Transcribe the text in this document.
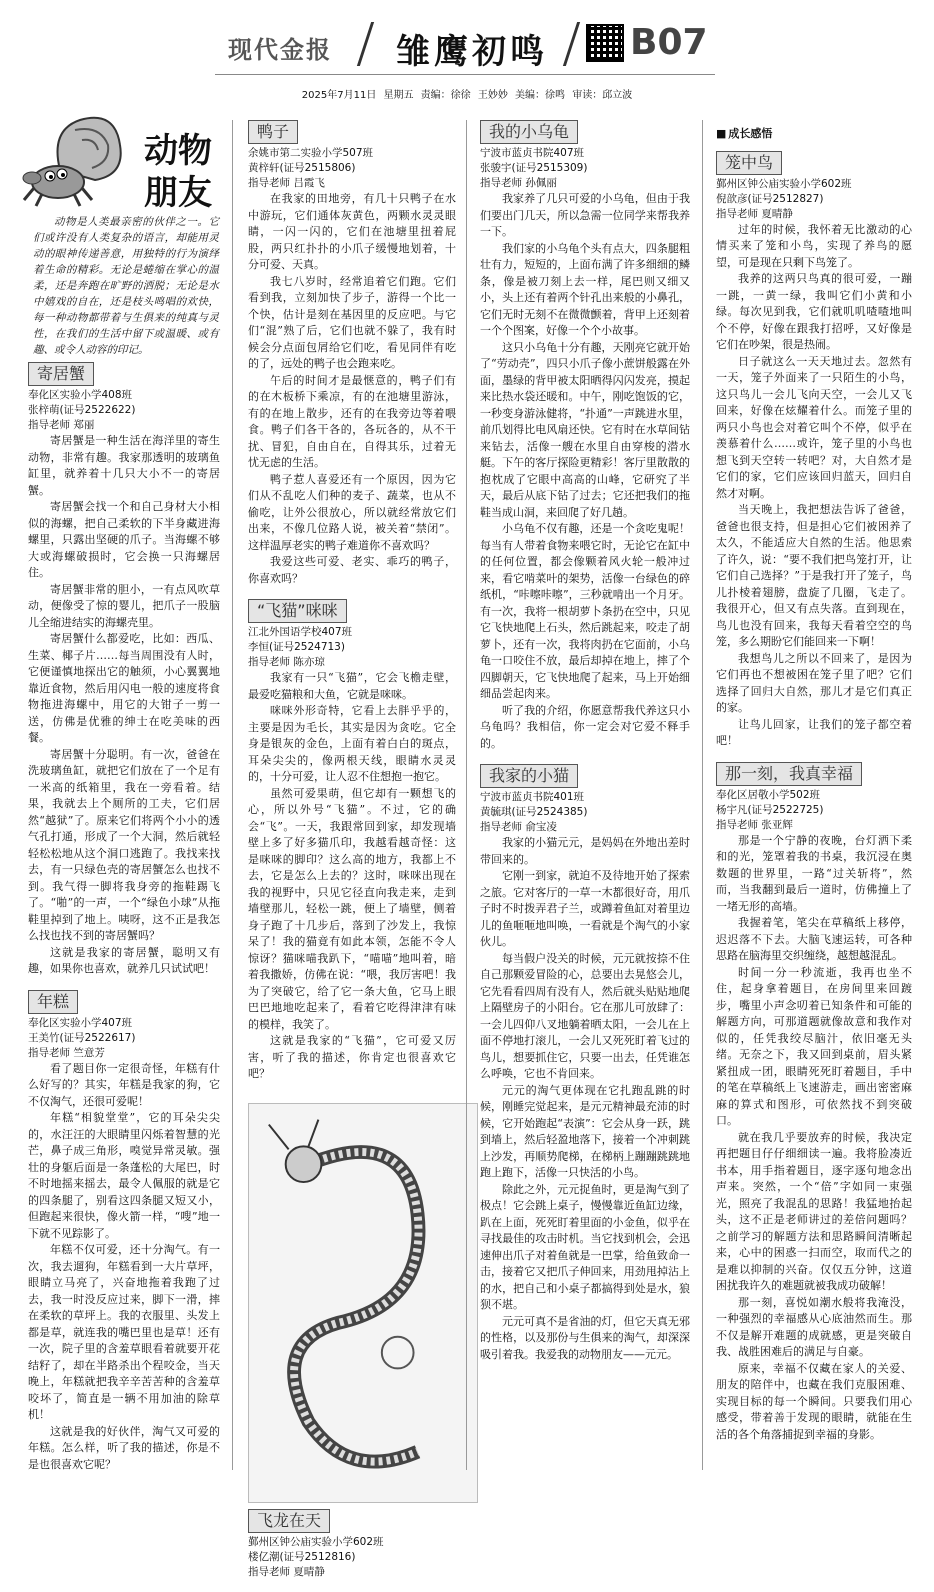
现代金报 雏鹰初鸣 B07
2025年7月11日 星期五 责编：徐徐 王妙妙 美编：徐鸣 审读：邱立波
动物
朋友
动物是人类最亲密的伙伴之一。它们或许没有人类复杂的语言，却能用灵动的眼神传递善意，用独特的行为演绎着生命的精彩。无论是蜷缩在掌心的温柔，还是奔跑在旷野的洒脱；无论是水中嬉戏的自在，还是枝头鸣唱的欢快，每一种动物都带着与生俱来的纯真与灵性，在我们的生活中留下或温暖、或有趣、或令人动容的印记。
寄居蟹
奉化区实验小学408班
张梓萌(证号2522622)
指导老师 郑丽

寄居蟹是一种生活在海洋里的寄生动物，非常有趣。我家那透明的玻璃鱼缸里，就养着十几只大小不一的寄居蟹。

寄居蟹会找一个和自己身材大小相似的海螺，把自己柔软的下半身藏进海螺里，只露出坚硬的爪子。当海螺不够大或海螺破损时，它会换一只海螺居住。

寄居蟹非常的胆小，一有点风吹草动，便像受了惊的婴儿，把爪子一股脑儿全缩进结实的海螺壳里。

寄居蟹什么都爱吃，比如：西瓜、生菜、椰子片……每当周围没有人时，它便谨慎地探出它的触须，小心翼翼地靠近食物，然后用闪电一般的速度将食物拖进海螺中，用它的大钳子一剪一送，仿佛是优雅的绅士在吃美味的西餐。

寄居蟹十分聪明。有一次，爸爸在洗玻璃鱼缸，就把它们放在了一个足有一米高的纸箱里，我在一旁看着。结果，我就去上个厕所的工夫，它们居然“越狱”了。原来它们将两个小小的透气孔打通，形成了一个大洞，然后就轻轻松松地从这个洞口逃跑了。我找来找去，有一只绿色壳的寄居蟹怎么也找不到。我气得一脚将我身旁的拖鞋踢飞了。“啪”的一声，一个“绿色小球”从拖鞋里掉到了地上。咦呀，这不正是我怎么找也找不到的寄居蟹吗？

这就是我家的寄居蟹，聪明又有趣，如果你也喜欢，就养几只试试吧！

年糕
奉化区实验小学407班
王美竹(证号2522617)
指导老师 竺意芳

看了题目你一定很奇怪，年糕有什么好写的？其实，年糕是我家的狗，它不仅淘气，还很可爱呢！

年糕“相貌堂堂”，它的耳朵尖尖的，水汪汪的大眼睛里闪烁着智慧的光芒，鼻子成三角形，嗅觉异常灵敏。强壮的身躯后面是一条蓬松的大尾巴，时不时地摇来摇去，最令人佩服的就是它的四条腿了，别看这四条腿又短又小，但跑起来很快，像火箭一样，“嗖”地一下就不见踪影了。

年糕不仅可爱，还十分淘气。有一次，我去遛狗，年糕看到一大片草坪，眼睛立马亮了，兴奋地拖着我跑了过去，我一时没反应过来，脚下一滑，摔在柔软的草坪上。我的衣服里、头发上都是草，就连我的嘴巴里也是草！还有一次，院子里的含羞草眼看着就要开花结籽了，却在半路杀出个程咬金，当天晚上，年糕就把我辛辛苦苦种的含羞草咬坏了，简直是一辆不用加油的除草机！

这就是我的好伙伴，淘气又可爱的年糕。怎么样，听了我的描述，你是不是也很喜欢它呢？

鸭子
余姚市第二实验小学507班
黄梓轩(证号2515806)
指导老师 吕霞飞

在我家的田地旁，有几十只鸭子在水中游玩，它们通体灰黄色，两颗水灵灵眼睛，一闪一闪的，它们在池塘里扭着屁股，两只红扑扑的小爪子缓慢地划着，十分可爱、天真。

我七八岁时，经常追着它们跑。它们看到我，立刻加快了步子，游得一个比一个快，估计是刻在基因里的反应吧。与它们“混”熟了后，它们也就不躲了，我有时候会分点面包屑给它们吃，看见同伴有吃的了，远处的鸭子也会跑来吃。

午后的时间才是最惬意的，鸭子们有的在木板桥下乘凉，有的在池塘里游泳，有的在地上散步，还有的在我旁边等着喂食。鸭子们各干各的，各玩各的，从不干扰、冒犯，自由自在，自得其乐，过着无忧无虑的生活。

鸭子惹人喜爱还有一个原因，因为它们从不乱吃人们种的麦子、蔬菜，也从不偷吃，让外公很放心，所以就经常放它们出来，不像几位路人说，被关着“禁闭”。这样温厚老实的鸭子难道你不喜欢吗？

我爱这些可爱、老实、乖巧的鸭子，你喜欢吗？

“飞猫”咪咪
江北外国语学校407班
李恒(证号2524713)
指导老师 陈亦琼

我家有一只“飞猫”，它会飞檐走壁，最爱吃猫粮和大鱼，它就是咪咪。

咪咪外形奇特，它看上去胖乎乎的，主要是因为毛长，其实是因为贪吃。它全身是银灰的金色，上面有着白白的斑点，耳朵尖尖的，像两根天线，眼睛水灵灵的，十分可爱，让人忍不住想抱一抱它。

虽然可爱果萌，但它却有一颗想飞的心，所以外号“飞猫”。不过，它的确会“飞”。一天，我跟常回到家，却发现墙壁上多了好多猫爪印，我越看越奇怪：这是咪咪的脚印？这么高的地方，我都上不去，它是怎么上去的？这时，咪咪出现在我的视野中，只见它径直向我走来，走到墙壁那儿，轻松一跳，便上了墙壁，侧着身子跑了十几步后，落到了沙发上，我惊呆了！我的猫竟有如此本领，怎能不令人惊讶？猫咪喵我趴下，“喵喵”地叫着，暗着我撒娇，仿佛在说：“喂，我厉害吧！我为了突破它，给了它一条大鱼，它马上眼巴巴地地吃起来了，看着它吃得津津有味的模样，我笑了。

这就是我家的“飞猫”，它可爱又厉害，听了我的描述，你肯定也很喜欢它吧？

飞龙在天
鄞州区钟公庙实验小学602班
楼亿潮(证号2512816)
指导老师 夏晴静
我的小乌龟
宁波市蓝贞书院407班
张骏宇(证号2515309)
指导老师 孙佩丽

我家养了几只可爱的小乌龟，但由于我们要出门几天，所以急需一位同学来帮我养一下。

我们家的小乌龟个头有点大，四条腿粗壮有力，短短的，上面布满了许多细细的鳞条，像是被刀刻上去一样，尾巴则又细又小，头上还有着两个针孔出来般的小鼻孔，它们无时无刻不在微微颤着，背甲上还刻着一个个图案，好像一个个小故事。

这只小乌龟十分有趣，天刚亮它就开始了“劳动壳”，四只小爪子像小蔗饼般露在外面，墨绿的背甲被太阳晒得闪闪发亮，摸起来比热水袋还暖和。中午，刚吃饱饭的它，一秒变身游泳健将，“扑通”一声跳进水里，前爪划得比电风扇还快。它有时在水草间钻来钻去，活像一艘在水里自由穿梭的潜水艇。下午的客厅探险更精彩！客厅里散散的抱枕成了它眼中高高的山峰，它研究了半天，最后从底下钻了过去；它还把我们的拖鞋当成山洞，来回爬了好几趟。

小乌龟不仅有趣，还是一个贪吃鬼呢！每当有人带着食物来喂它时，无论它在缸中的任何位置，都会像颗着风火轮一般冲过来，看它啃菜叶的架势，活像一台绿色的碎纸机，“咔嚓咔嚓”，三秒就啃出一个月牙。有一次，我将一根胡萝卜条扔在空中，只见它飞快地爬上石头，然后跳起来，咬走了胡萝卜，还有一次，我将肉扔在它面前，小乌龟一口咬住不放，最后却掉在地上，摔了个四脚朝天，它飞快地爬了起来，马上开始细细品尝起肉来。

听了我的介绍，你愿意帮我代养这只小乌龟吗？我相信，你一定会对它爱不释手的。

我家的小猫
宁波市蓝贞书院401班
黄毓琪(证号2524385)
指导老师 俞宝凌

我家的小猫元元，是妈妈在外地出差时带回来的。

它刚一到家，就迫不及待地开始了探索之旅。它对客厅的一草一木都很好奇，用爪子时不时拨弄君子兰，或蹲着鱼缸对着里边儿的鱼咂咂地叫唤，一看就是个淘气的小家伙儿。

每当假户没关的时候，元元就按捺不住自己那颗爱冒险的心，总要出去晃悠会儿，它先看看四周有没有人，然后就头贴贴地爬上隔壁房子的小阳台。它在那儿可放肆了：一会儿四仰八叉地躺着晒太阳，一会儿在上面不停地打滚儿，一会儿又死死盯着飞过的鸟儿，想要抓住它，只要一出去，任凭谁怎么呼唤，它也不肯回来。

元元的淘气更体现在它扎跑乱跳的时候，刚睡完觉起来，是元元精神最充沛的时候，它开始跑起“表演”：它会从身一跃，跳到墙上，然后轻盈地落下，接着一个冲刺跳上沙发，再顺势爬梯，在梯柄上蹦蹦跳跳地跑上跑下，活像一只快活的小鸟。

除此之外，元元捉鱼时，更是淘气到了极点！它会跳上桌子，慢慢靠近鱼缸边缘，趴在上面，死死盯着里面的小金鱼，似乎在寻找最佳的攻击时机。当它找到机会，会迅速伸出爪子对着鱼就是一巴掌，给鱼致命一击，接着它又把爪子伸回来，用劲甩掉沾上的水，把自己和小桌子都搞得到处是水，狼狈不堪。

元元可真不是省油的灯，但它天真无邪的性格，以及那份与生俱来的淘气，却深深吸引着我。我爱我的动物朋友——元元。

■ 成长感悟
笼中鸟
鄞州区钟公庙实验小学602班
倪歆彦(证号2512827)
指导老师 夏晴静

过年的时候，我怀着无比激动的心情买来了笼和小鸟，实现了养鸟的愿望，可是现在只剩下鸟笼了。

我养的这两只鸟真的很可爱，一蹦一跳，一黄一绿，我叫它们小黄和小绿。每次见到我，它们就叽叽喳喳地叫个不停，好像在跟我打招呼，又好像是它们在吵架，很是热闹。

日子就这么一天天地过去。忽然有一天，笼子外面来了一只陌生的小鸟，这只鸟儿一会儿飞向天空，一会儿又飞回来，好像在炫耀着什么。而笼子里的两只小鸟也会对着它叫个不停，似乎在羡慕着什么……或许，笼子里的小鸟也想飞到天空转一转吧？对，大自然才是它们的家，它们应该回归蓝天，回归自然才对啊。

当天晚上，我把想法告诉了爸爸，爸爸也很支持，但是担心它们被困养了太久，不能适应大自然的生活。他思索了许久，说：“要不我们把鸟笼打开，让它们自己选择？”于是我打开了笼子，鸟儿扑棱着翅膀，盘旋了几圈，飞走了。我很开心，但又有点失落。直到现在，鸟儿也没有回来，我每天看着空空的鸟笼，多么期盼它们能回来一下啊！

我想鸟儿之所以不回来了，是因为它们再也不想被困在笼子里了吧？它们选择了回归大自然，那儿才是它们真正的家。

让鸟儿回家，让我们的笼子都空着吧！

那一刻，我真幸福
奉化区居敬小学502班
杨宇凡(证号2522725)
指导老师 张亚辉

那是一个宁静的夜晚，台灯洒下柔和的光，笼罩着我的书桌，我沉浸在奥数题的世界里，一路“过关斩将”，然而，当我翻到最后一道时，仿佛撞上了一堵无形的高墙。

我握着笔，笔尖在草稿纸上移停，迟迟落不下去。大脑飞速运转，可各种思路在脑海里交织缠绕，越想越混乱。

时间一分一秒流逝，我再也坐不住，起身拿着题目，在房间里来回踱步，嘴里小声念叨着已知条件和可能的解题方向，可那道题就像故意和我作对似的，任凭我绞尽脑汁，依旧毫无头绪。无奈之下，我又回到桌前，眉头紧紧扭成一团，眼睛死死盯着题目，手中的笔在草稿纸上飞速游走，画出密密麻麻的算式和图形，可依然找不到突破口。

就在我几乎要放弃的时候，我决定再把题目仔仔细细读一遍。我将脸凑近书本，用手指着题目，逐字逐句地念出声来。突然，一个“倍”字如同一束强光，照亮了我混乱的思路！我猛地抬起头，这不正是老师讲过的差倍问题吗？之前学习的解题方法和思路瞬间清晰起来，心中的困惑一扫而空，取而代之的是难以抑制的兴奋。仅仅五分钟，这道困扰我许久的难题就被我成功破解！

那一刻，喜悦如潮水般将我淹没，一种强烈的幸福感从心底油然而生。那不仅是解开难题的成就感，更是突破自我、战胜困难后的满足与自豪。

原来，幸福不仅藏在家人的关爱、朋友的陪伴中，也藏在我们克服困难、实现目标的每一个瞬间。只要我们用心感受，带着善于发现的眼睛，就能在生活的各个角落捕捉到幸福的身影。
